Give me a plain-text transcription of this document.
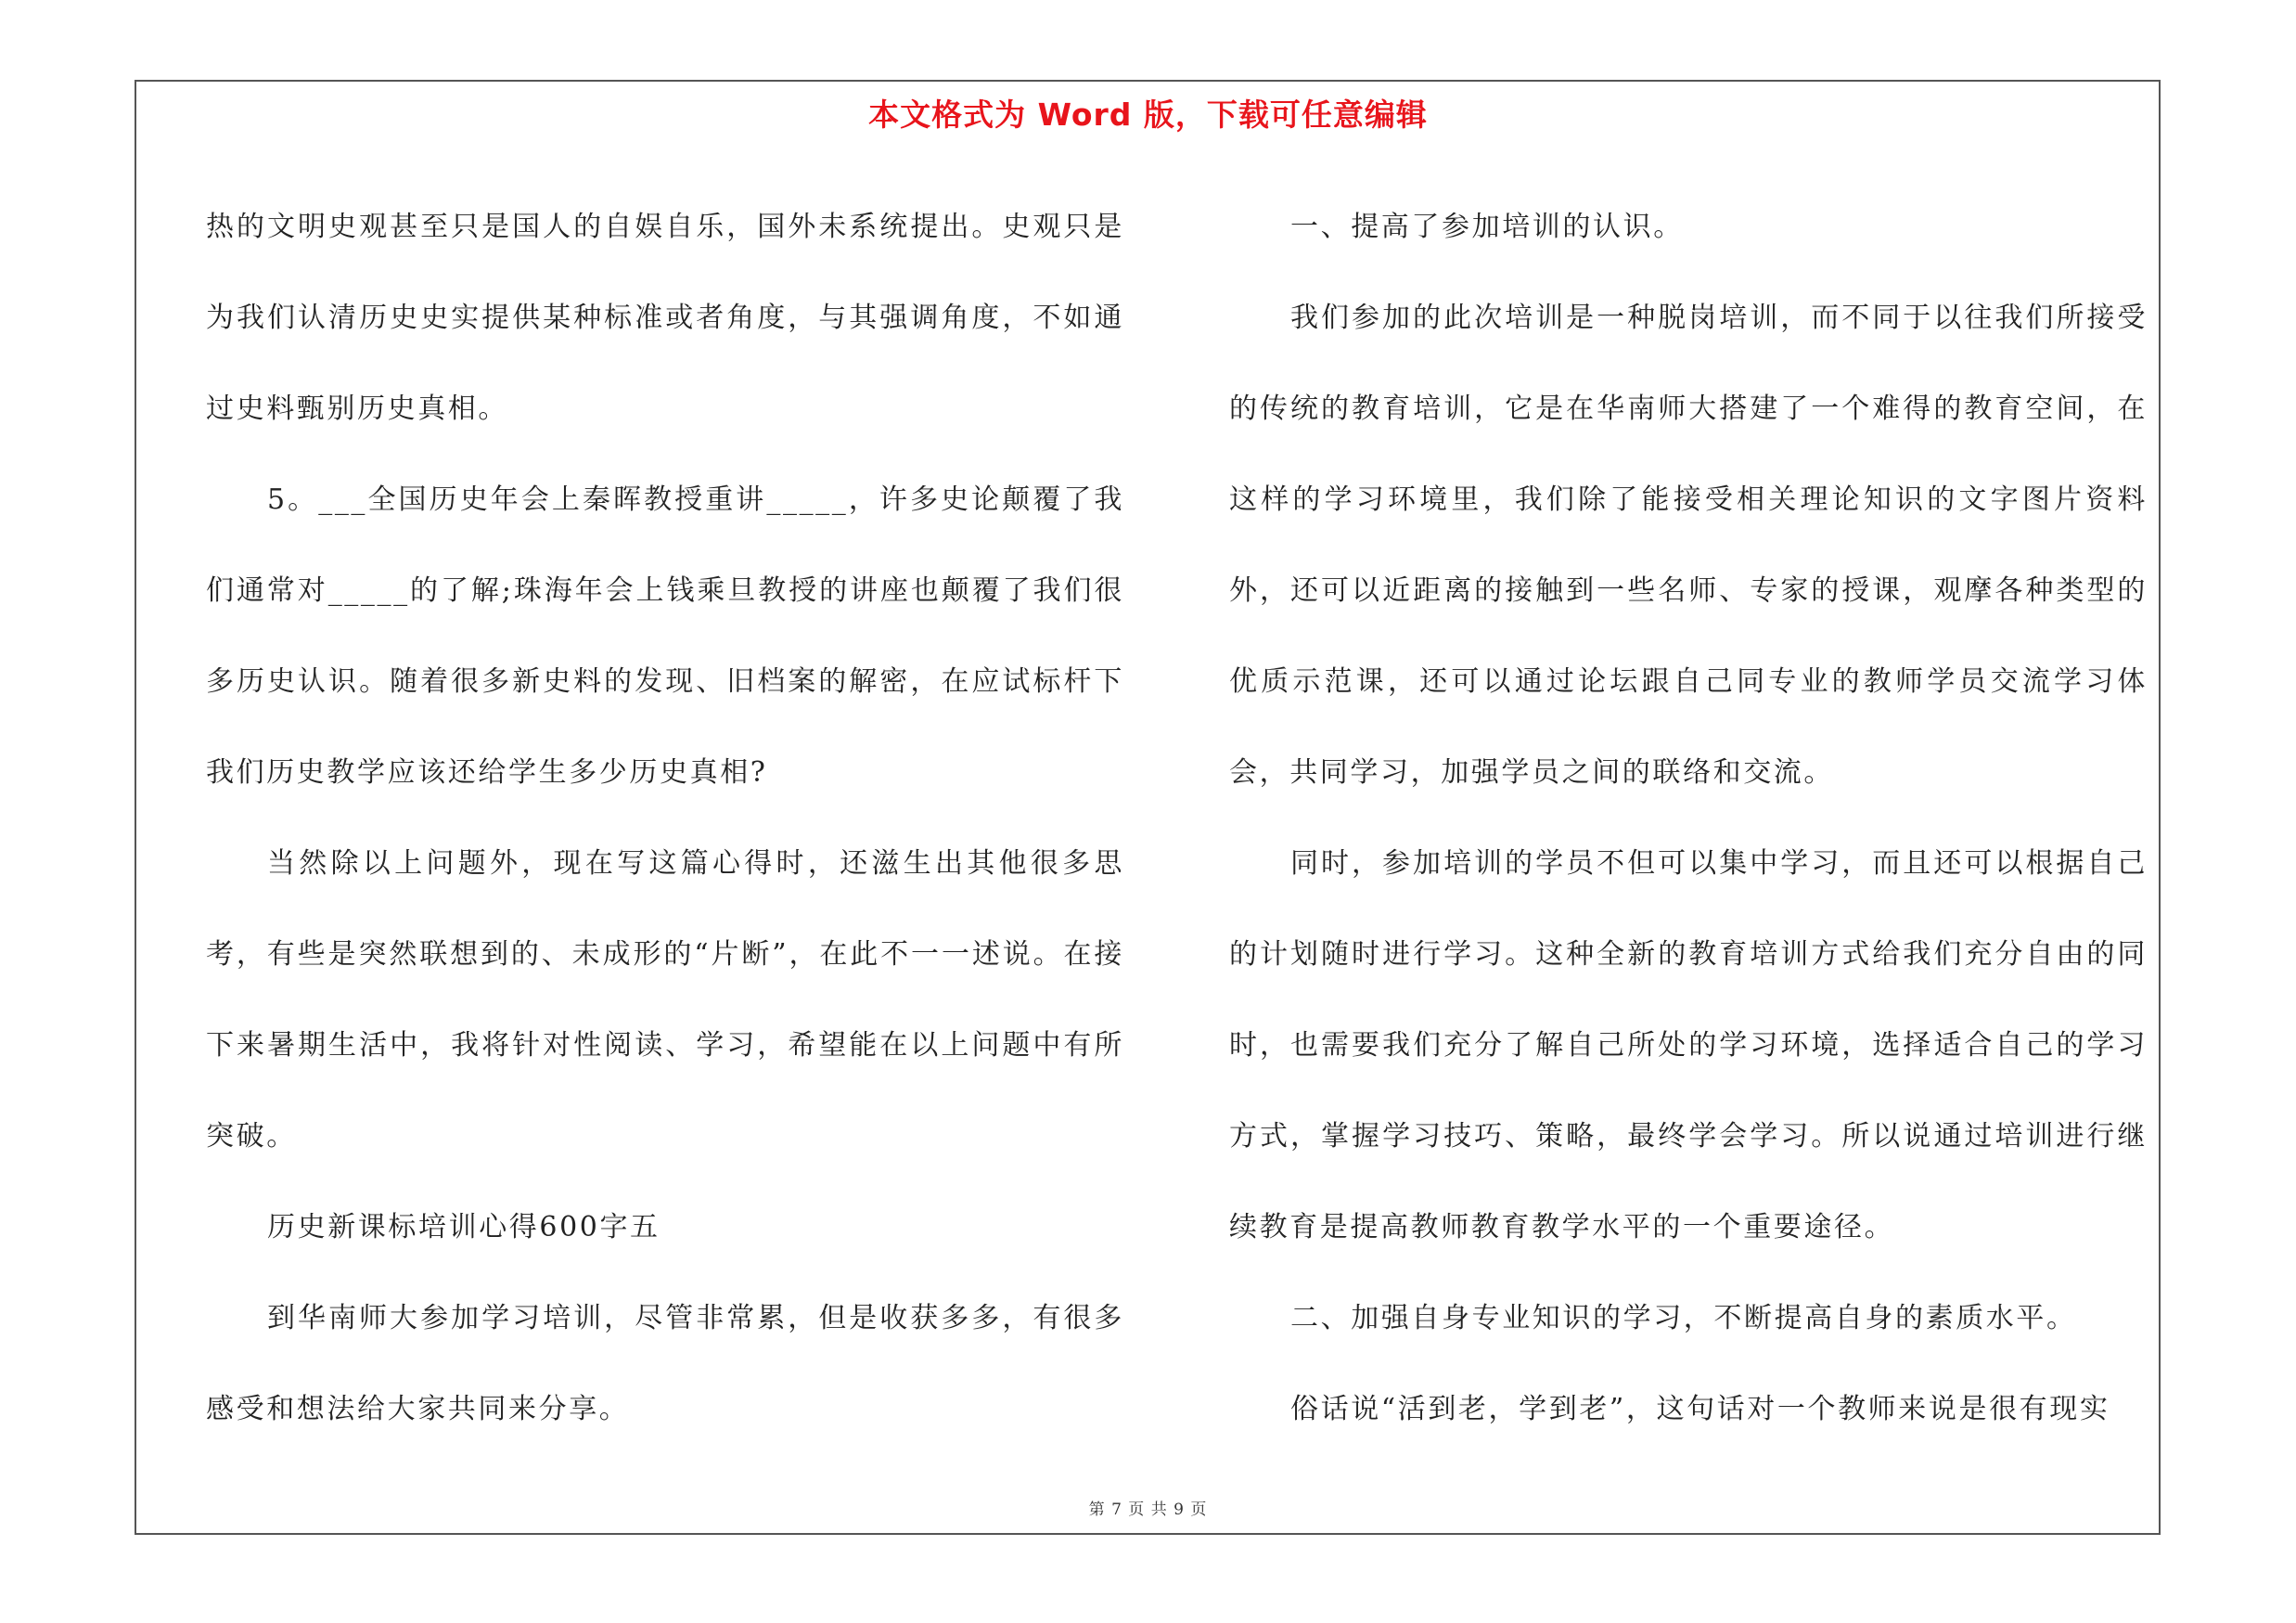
本文格式为 Word 版，下载可任意编辑

热的文明史观甚至只是国人的自娱自乐，国外未系统提出。史观只是为我们认清历史史实提供某种标准或者角度，与其强调角度，不如通过史料甄别历史真相。

5。___全国历史年会上秦晖教授重讲_____，许多史论颠覆了我们通常对_____的了解;珠海年会上钱乘旦教授的讲座也颠覆了我们很多历史认识。随着很多新史料的发现、旧档案的解密，在应试标杆下我们历史教学应该还给学生多少历史真相?

当然除以上问题外，现在写这篇心得时，还滋生出其他很多思考，有些是突然联想到的、未成形的“片断”，在此不一一述说。在接下来暑期生活中，我将针对性阅读、学习，希望能在以上问题中有所突破。

历史新课标培训心得600字五

到华南师大参加学习培训，尽管非常累，但是收获多多，有很多感受和想法给大家共同来分享。

一、提高了参加培训的认识。

我们参加的此次培训是一种脱岗培训，而不同于以往我们所接受的传统的教育培训，它是在华南师大搭建了一个难得的教育空间，在这样的学习环境里，我们除了能接受相关理论知识的文字图片资料外，还可以近距离的接触到一些名师、专家的授课，观摩各种类型的优质示范课，还可以通过论坛跟自己同专业的教师学员交流学习体会，共同学习，加强学员之间的联络和交流。

同时，参加培训的学员不但可以集中学习，而且还可以根据自己的计划随时进行学习。这种全新的教育培训方式给我们充分自由的同时，也需要我们充分了解自己所处的学习环境，选择适合自己的学习方式，掌握学习技巧、策略，最终学会学习。所以说通过培训进行继续教育是提高教师教育教学水平的一个重要途径。

二、加强自身专业知识的学习，不断提高自身的素质水平。

俗话说“活到老，学到老”，这句话对一个教师来说是很有现实

第 7 页 共 9 页
